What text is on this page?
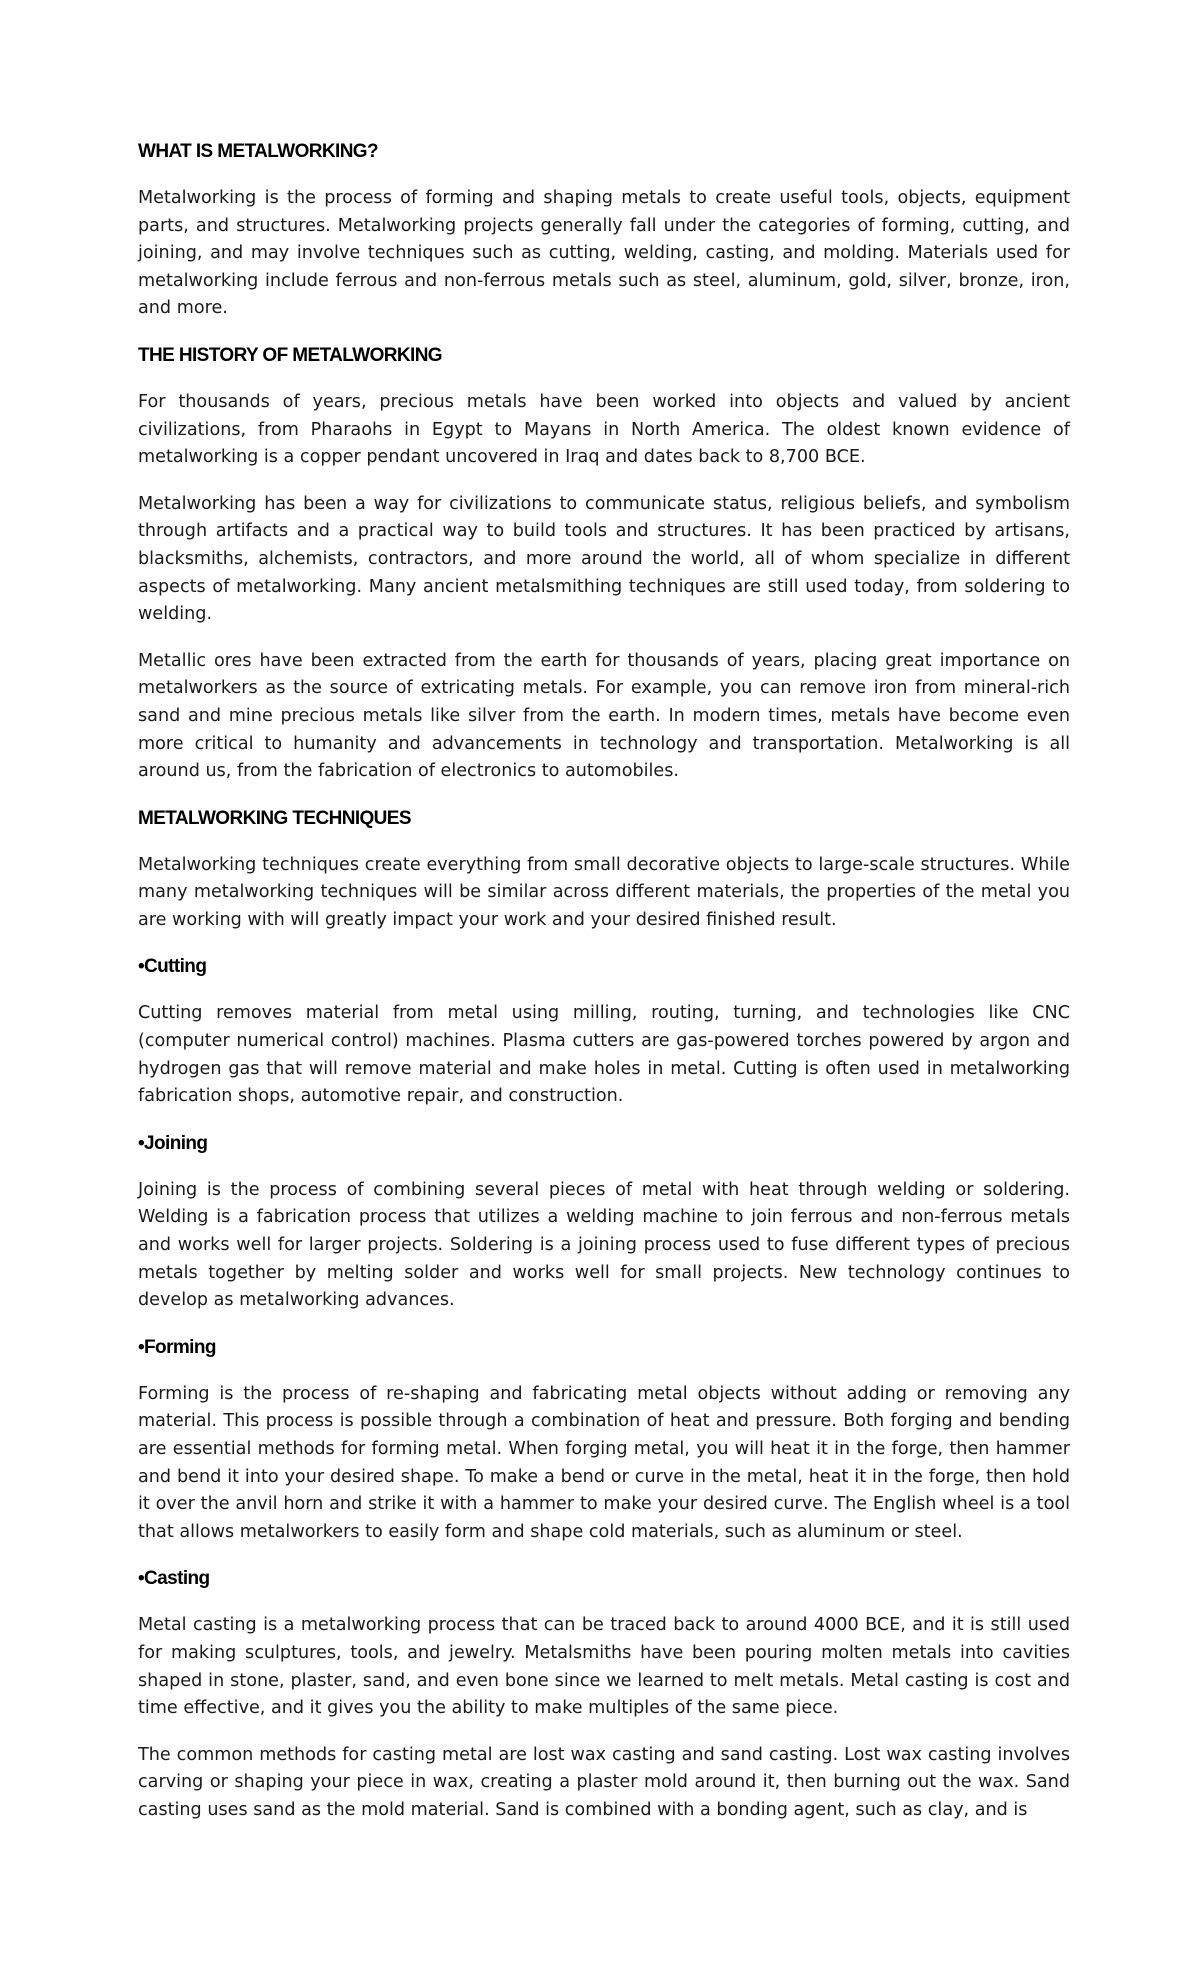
WHAT IS METALWORKING?

Metalworking is the process of forming and shaping metals to create useful tools, objects, equipment parts, and structures. Metalworking projects generally fall under the categories of forming, cutting, and joining, and may involve techniques such as cutting, welding, casting, and molding. Materials used for metalworking include ferrous and non-ferrous metals such as steel, aluminum, gold, silver, bronze, iron, and more.

THE HISTORY OF METALWORKING

For thousands of years, precious metals have been worked into objects and valued by ancient civilizations, from Pharaohs in Egypt to Mayans in North America. The oldest known evidence of metalworking is a copper pendant uncovered in Iraq and dates back to 8,700 BCE.

Metalworking has been a way for civilizations to communicate status, religious beliefs, and symbolism through artifacts and a practical way to build tools and structures. It has been practiced by artisans, blacksmiths, alchemists, contractors, and more around the world, all of whom specialize in different aspects of metalworking. Many ancient metalsmithing techniques are still used today, from soldering to welding.

Metallic ores have been extracted from the earth for thousands of years, placing great importance on metalworkers as the source of extricating metals. For example, you can remove iron from mineral-rich sand and mine precious metals like silver from the earth. In modern times, metals have become even more critical to humanity and advancements in technology and transportation. Metalworking is all around us, from the fabrication of electronics to automobiles.

METALWORKING TECHNIQUES

Metalworking techniques create everything from small decorative objects to large-scale structures. While many metalworking techniques will be similar across different materials, the properties of the metal you are working with will greatly impact your work and your desired finished result.

•Cutting

Cutting removes material from metal using milling, routing, turning, and technologies like CNC (computer numerical control) machines. Plasma cutters are gas-powered torches powered by argon and hydrogen gas that will remove material and make holes in metal. Cutting is often used in metalworking fabrication shops, automotive repair, and construction.

•Joining

Joining is the process of combining several pieces of metal with heat through welding or soldering. Welding is a fabrication process that utilizes a welding machine to join ferrous and non-ferrous metals and works well for larger projects. Soldering is a joining process used to fuse different types of precious metals together by melting solder and works well for small projects. New technology continues to develop as metalworking advances.

•Forming

Forming is the process of re-shaping and fabricating metal objects without adding or removing any material. This process is possible through a combination of heat and pressure. Both forging and bending are essential methods for forming metal. When forging metal, you will heat it in the forge, then hammer and bend it into your desired shape. To make a bend or curve in the metal, heat it in the forge, then hold it over the anvil horn and strike it with a hammer to make your desired curve. The English wheel is a tool that allows metalworkers to easily form and shape cold materials, such as aluminum or steel.

•Casting

Metal casting is a metalworking process that can be traced back to around 4000 BCE, and it is still used for making sculptures, tools, and jewelry. Metalsmiths have been pouring molten metals into cavities shaped in stone, plaster, sand, and even bone since we learned to melt metals. Metal casting is cost and time effective, and it gives you the ability to make multiples of the same piece.

The common methods for casting metal are lost wax casting and sand casting. Lost wax casting involves carving or shaping your piece in wax, creating a plaster mold around it, then burning out the wax. Sand casting uses sand as the mold material. Sand is combined with a bonding agent, such as clay, and is
